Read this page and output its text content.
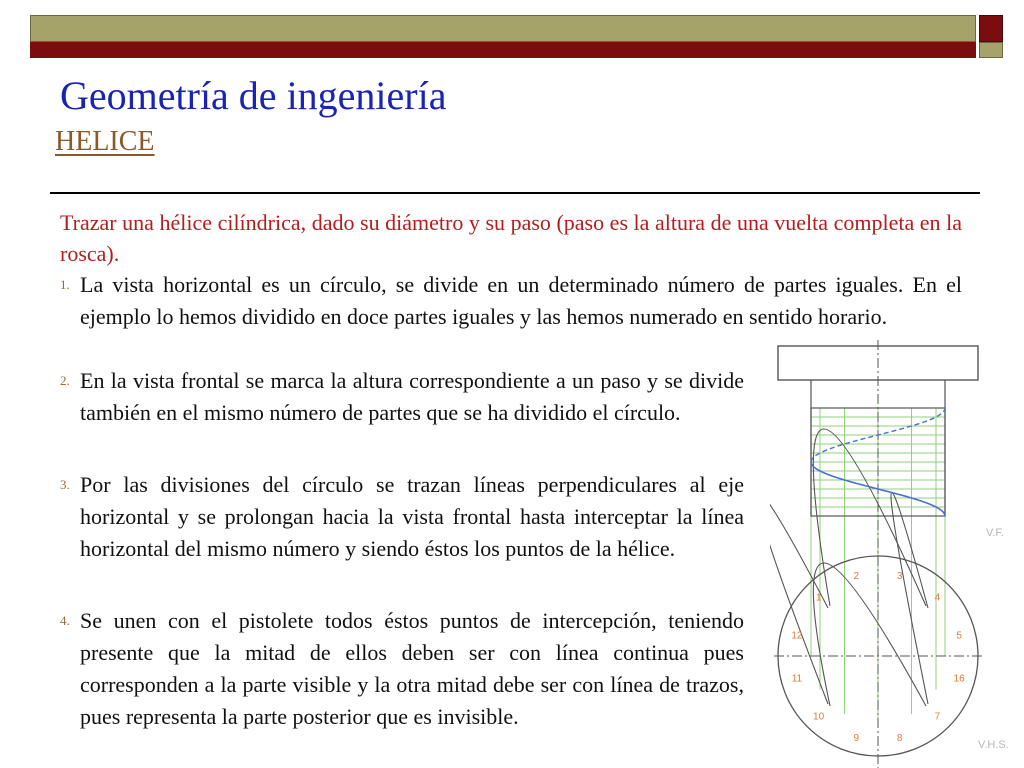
Geometría de ingeniería
HELICE
Trazar una hélice cilíndrica, dado su diámetro y su paso (paso es la altura de una vuelta completa en la rosca).
1. La vista horizontal es un círculo, se divide en un determinado número de partes iguales. En el ejemplo lo hemos dividido en doce partes iguales y las hemos numerado en sentido horario.
2. En la vista frontal se marca la altura correspondiente a un paso y se divide también en el mismo número de partes que se ha dividido el círculo.
3. Por las divisiones del círculo se trazan líneas perpendiculares al eje horizontal y se prolongan hacia la vista frontal hasta interceptar la línea horizontal del mismo número y siendo éstos los puntos de la hélice.
4. Se unen con el pistolete todos éstos puntos de intercepción, teniendo presente que la mitad de ellos deben ser con línea continua pues corresponden a la parte visible y la otra mitad debe ser con línea de trazos, pues representa la parte posterior que es invisible.
1
2	3
4
5
16
7
8
9
10
11
12
V.F.
V.H.S.
